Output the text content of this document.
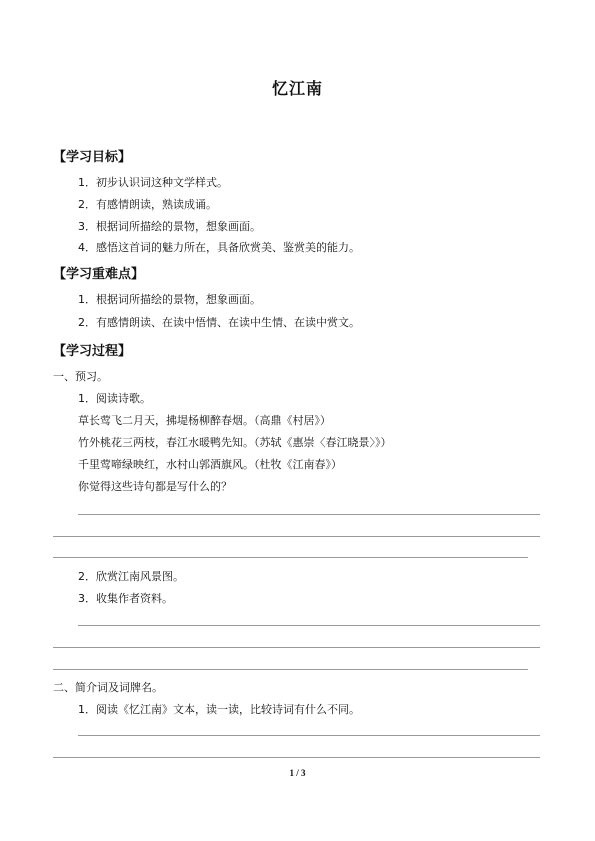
忆江南
【学习目标】
1．初步认识词这种文学样式。
2．有感情朗读，熟读成诵。
3．根据词所描绘的景物，想象画面。
4．感悟这首词的魅力所在，具备欣赏美、鉴赏美的能力。
【学习重难点】
1．根据词所描绘的景物，想象画面。
2．有感情朗读、在读中悟情、在读中生情、在读中赏文。
【学习过程】
一、预习。
1．阅读诗歌。
草长莺飞二月天，拂堤杨柳醉春烟。（高鼎《村居》）
竹外桃花三两枝，春江水暖鸭先知。（苏轼《惠崇〈春江晓景〉》）
千里莺啼绿映红，水村山郭酒旗风。（杜牧《江南春》）
你觉得这些诗句都是写什么的？
2．欣赏江南风景图。
3．收集作者资料。
二、简介词及词牌名。
1．阅读《忆江南》文本，读一读，比较诗词有什么不同。
1 / 3
